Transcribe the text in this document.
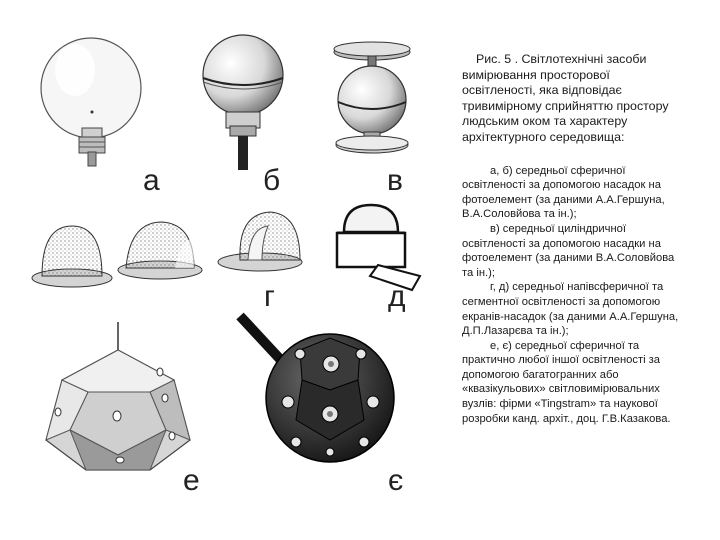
а	б	в
г	д
е	є

Рис. 5 . Світлотехнічні засоби вимірювання просторової освітленості, яка відповідає тривимірному сприйняттю простору людським оком та характеру архітектурного середовища:

а, б) середньої сферичної освітленості за допомогою насадок на фотоелемент (за даними А.А.Гершуна, В.А.Соловйова та ін.);

в) середньої циліндричної освітленості за допомогою насадки на фотоелемент (за даними В.А.Соловйова та ін.);

г, д) середньої напівсферичної та сегментної освітленості за допомогою екранів-насадок (за даними А.А.Гершуна, Д.П.Лазарєва та ін.);

е, є) середньої сферичної та практично любої іншої освітленості за допомогою багатогранних або «квазікульових» світловимірювальних вузлів: фірми «Tingstram» та наукової розробки канд. архіт., доц. Г.В.Казакова.
